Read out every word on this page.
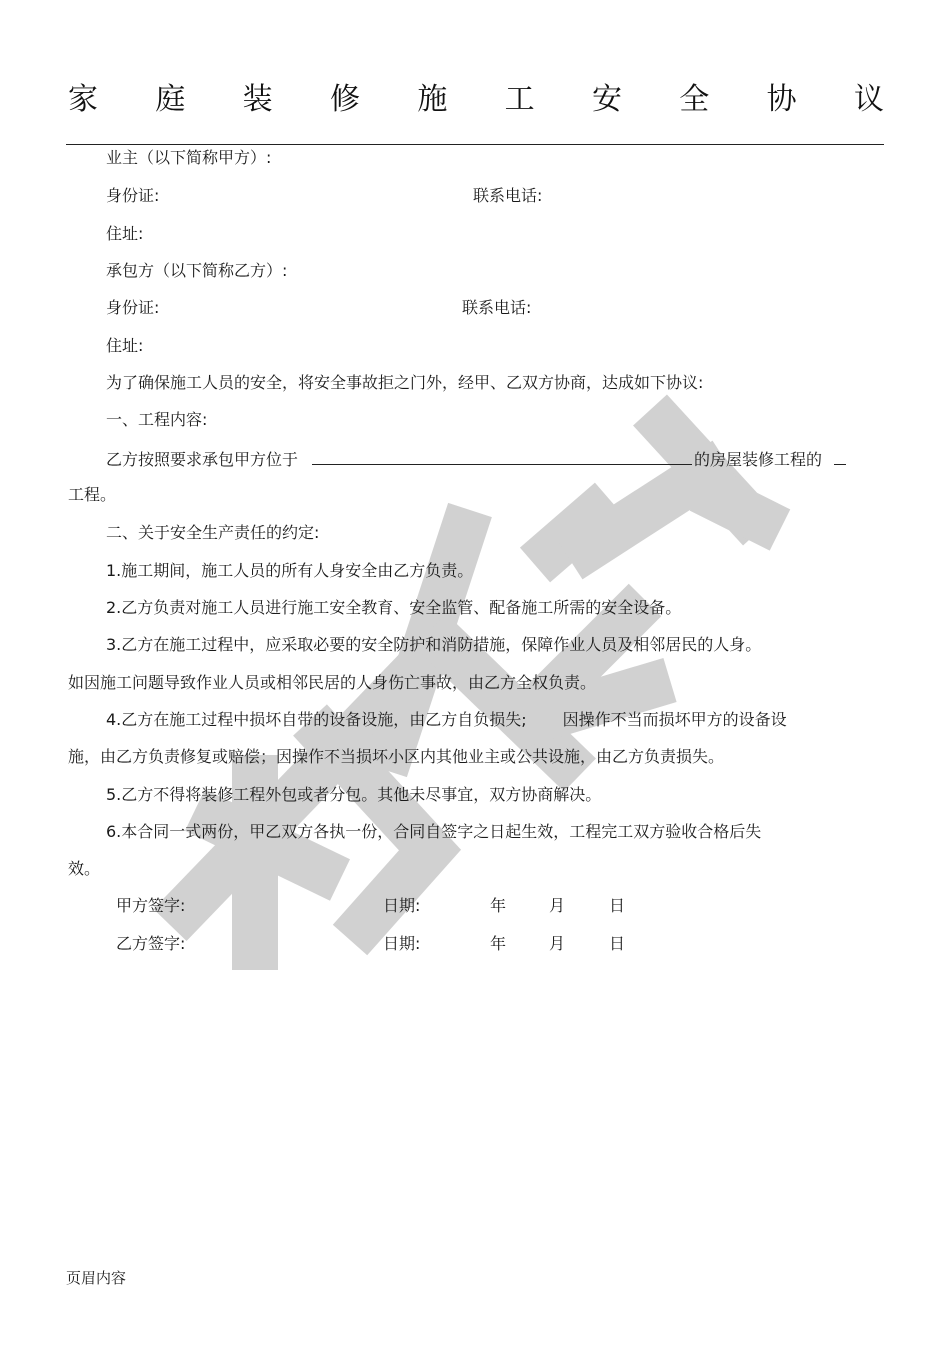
家 庭 装 修 施 工 安 全 协 议
业主（以下简称甲方）:
身份证:	联系电话:
住址:
承包方（以下简称乙方）:
身份证:	联系电话:
住址:
为了确保施工人员的安全，将安全事故拒之门外，经甲、乙双方协商，达成如下协议:
一、工程内容:
乙方按照要求承包甲方位于	的房屋装修工程的
工程。
二、关于安全生产责任的约定:
1.施工期间，施工人员的所有人身安全由乙方负责。
2.乙方负责对施工人员进行施工安全教育、安全监管、配备施工所需的安全设备。
3.乙方在施工过程中，应采取必要的安全防护和消防措施，保障作业人员及相邻居民的人身。
如因施工问题导致作业人员或相邻民居的人身伤亡事故，由乙方全权负责。
4.乙方在施工过程中损坏自带的设备设施，由乙方自负损失; 因操作不当而损坏甲方的设备设
施，由乙方负责修复或赔偿；因操作不当损坏小区内其他业主或公共设施，由乙方负责损失。
5.乙方不得将装修工程外包或者分包。其他未尽事宜，双方协商解决。
6.本合同一式两份，甲乙双方各执一份，合同自签字之日起生效，工程完工双方验收合格后失
效。
甲方签字:	日期:	年	月	日
乙方签字:	日期:	年	月	日
页眉内容
